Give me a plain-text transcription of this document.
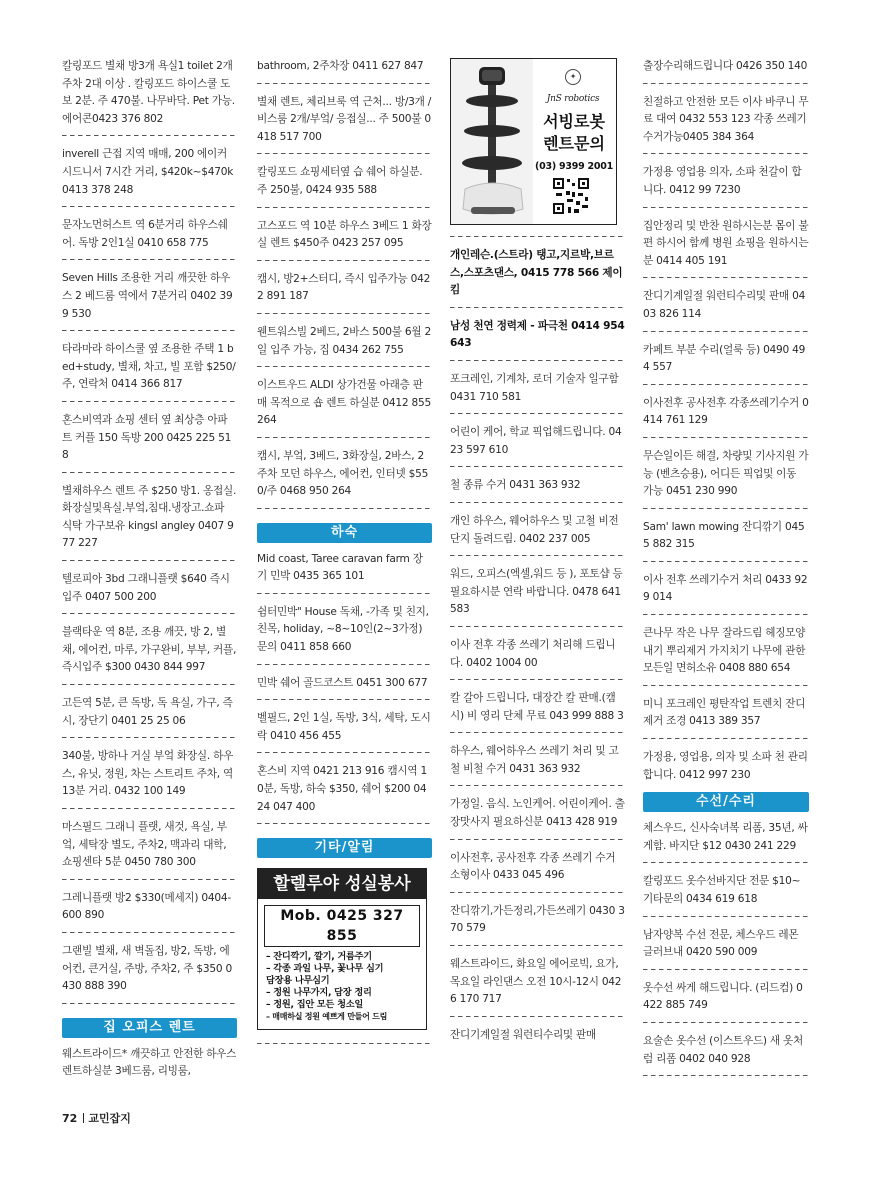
칼링포드 별채 방3개 욕실1 toilet 2개 주차 2대 이상 . 칼링포드 하이스쿨 도보 2분. 주 470불. 나무바닥. Pet 가능. 에어콘0423 376 802

inverell 근접 지역 매매, 200 에이커 시드니서 7시간 거리, $420k~$470k 0413 378 248

문자노먼허스트 역 6분거리 하우스쉐어. 독방 2인1실 0410 658 775

Seven Hills 조용한 거리 깨끗한 하우스 2 베드룸 역에서 7분거리 0402 399 530

타라마라 하이스쿨 옆 조용한 주택 1 bed+study, 별채, 차고, 빌 포함 $250/주, 연락처 0414 366 817

혼스비역과 쇼핑 센터 옆 최상층 아파트 커플 150 독방 200 0425 225 518

별채하우스 렌트 주 $250 방1. 옹접실. 화장실및욕실.부엌,침대.냉장고.쇼파 식탁 가구보유 kingsl angley 0407 977 227

텔로피아 3bd 그래니플랫 $640 즉시입주 0407 500 200

블랙타운 역 8분, 조용 깨끗, 방 2, 별채, 에어컨, 마루, 가구완비, 부부, 커플, 즉시입주 $300 0430 844 997

고든역 5분, 큰 독방, 독 욕실, 가구, 즉시, 장단기 0401 25 25 06

340불, 방하나 거실 부엌 화장실. 하우스, 유닛, 정원, 차는 스트리트 주차, 역 13분 거리. 0432 100 149

마스필드 그래니 플랫, 새것, 욕실, 부엌, 세탁장 별도, 주차2, 맥과리 대학, 쇼핑센타 5분 0450 780 300

그레니플랫 방2 $330(메세지) 0404-600 890

그랜빌 별채, 새 벽돌집, 방2, 독방, 에어컨, 큰거실, 주방, 주차2, 주 $350 0430 888 390

집 오피스 렌트

웨스트라이드* 깨끗하고 안전한 하우스 렌트하실분 3베드룸, 리빙룸,

bathroom, 2주차장 0411 627 847

별채 렌트, 체리브룩 역 근처... 방/3개 /비스룸 2개/부엌/ 응접실... 주 500불 0418 517 700

칼링포드 쇼핑세터옆 습 쉐어 하실분. 주 250불, 0424 935 588

고스포드 역 10분 하우스 3베드 1 화장실 렌트 $450주 0423 257 095

캠시, 방2+스터디, 즉시 입주가능 0422 891 187

웬트워스빌 2베드, 2바스 500불 6월 2일 입주 가능, 집 0434 262 755

이스트우드 ALDI 상가건물 아래층 판매 목적으로 숍 렌트 하실분 0412 855 264

캠시, 부엌, 3베드, 3화장실, 2바스, 2 주차 모던 하우스, 에어컨, 인터넷 $550/주 0468 950 264

하숙

Mid coast, Taree caravan farm 장기 민박 0435 365 101

쉼터민박" House 독채, -가족 및 친지, 친목, holiday, ~8~10인(2~3가정) 문의 0411 858 660

민박 쉐어 골드코스트 0451 300 677

벨필드, 2인 1실, 독방, 3식, 세탁, 도시락 0410 456 455

혼스비 지역 0421 213 916 캠시역 10분, 독방, 하숙 $350, 쉐어 $200 0424 047 400

기타/알림
할렐루야 성실봉사
Mob. 0425 327 855
– 잔디깍기, 깔기, 거름주기
– 각종 과일 나무, 꽃나무 심기
담장용 나무심기
– 정원 나무가지, 담장 정리
– 정원, 집안 모든 청소일
– 매매하실 정원 예쁘게 만들어 드림
✦
JnS robotics
서빙로봇
렌트문의
(03) 9399 2001

개인레슨.(스트라) 탱고,지르박,브르스,스포츠댄스, 0415 778 566 제이킴

남성 천연 정력제 - 파극천 0414 954 643

포크레인, 기계차, 로더 기술자 일구함 0431 710 581

어린이 케어, 학교 픽업해드립니다. 0423 597 610

철 종류 수거 0431 363 932

개인 하우스, 웨어하우스 및 고철 비전단지 돌려드림. 0402 237 005

워드, 오피스(엑셀,워드 등 ), 포토샵 등 필요하시분 연락 바랍니다. 0478 641 583

이사 전후 각종 쓰레기 처리해 드립니다. 0402 1004 00

칼 갈아 드립니다, 대장간 칼 판매.(캠시) 비 영리 단체 무료 043 999 888 3

하우스, 웨어하우스 쓰레기 처리 및 고철 비철 수거 0431 363 932

가정일. 음식. 노인케어. 어린이케어. 출장맛사지 필요하신분 0413 428 919

이사전후, 공사전후 각종 쓰레기 수거소형이사 0433 045 496

잔디깎기,가든정리,가든쓰레기 0430 370 579

웨스트라이드, 화요일 에어로빅, 요가, 목요일 라인댄스 오전 10시-12시 0426 170 717

잔디기계일절 워런티수리및 판매

출장수리해드립니다 0426 350 140

친절하고 안전한 모든 이사 바쿠니 무료 대여 0432 553 123 각종 쓰레기 수거가능0405 384 364

가정용 영업용 의자, 소파 천갈이 합니다. 0412 99 7230

집안정리 및 반찬 원하시는분 몸이 불편 하시어 함께 병원 쇼핑을 원하시는분 0414 405 191

잔디기계일절 워런티수리및 판매 0403 826 114

카페트 부분 수리(얼룩 등) 0490 494 557

이사전후 공사전후 각종쓰레기수거 0414 761 129

무슨일이든 해결, 차량및 기사지원 가능 (벤츠승용), 어디든 픽업및 이동 가능 0451 230 990

Sam' lawn mowing 잔디깎기 0455 882 315

이사 전후 쓰레기수거 처리 0433 929 014

큰나무 작은 나무 잘라드림 헤징모양내기 뿌리제거 가지치기 나무에 관한모든일 면허소유 0408 880 654

미니 포크레인 평탄작업 트렌치 잔디제거 조경 0413 389 357

가정용, 영업용, 의자 및 소파 천 관리 합니다. 0412 997 230

수선/수리

체스우드, 신사숙녀복 리폼, 35년, 싸게함. 바지단 $12 0430 241 229

칼링포드 옷수선바지단 전문 $10~ 기타문의 0434 619 618

남자양복 수선 전문, 체스우드 레몬 글러브내 0420 590 009

옷수선 싸게 해드립니다. (리드컴) 0422 885 749

요술손 옷수선 (이스트우드) 새 옷처럼 리폼 0402 040 928

72 교민잡지
